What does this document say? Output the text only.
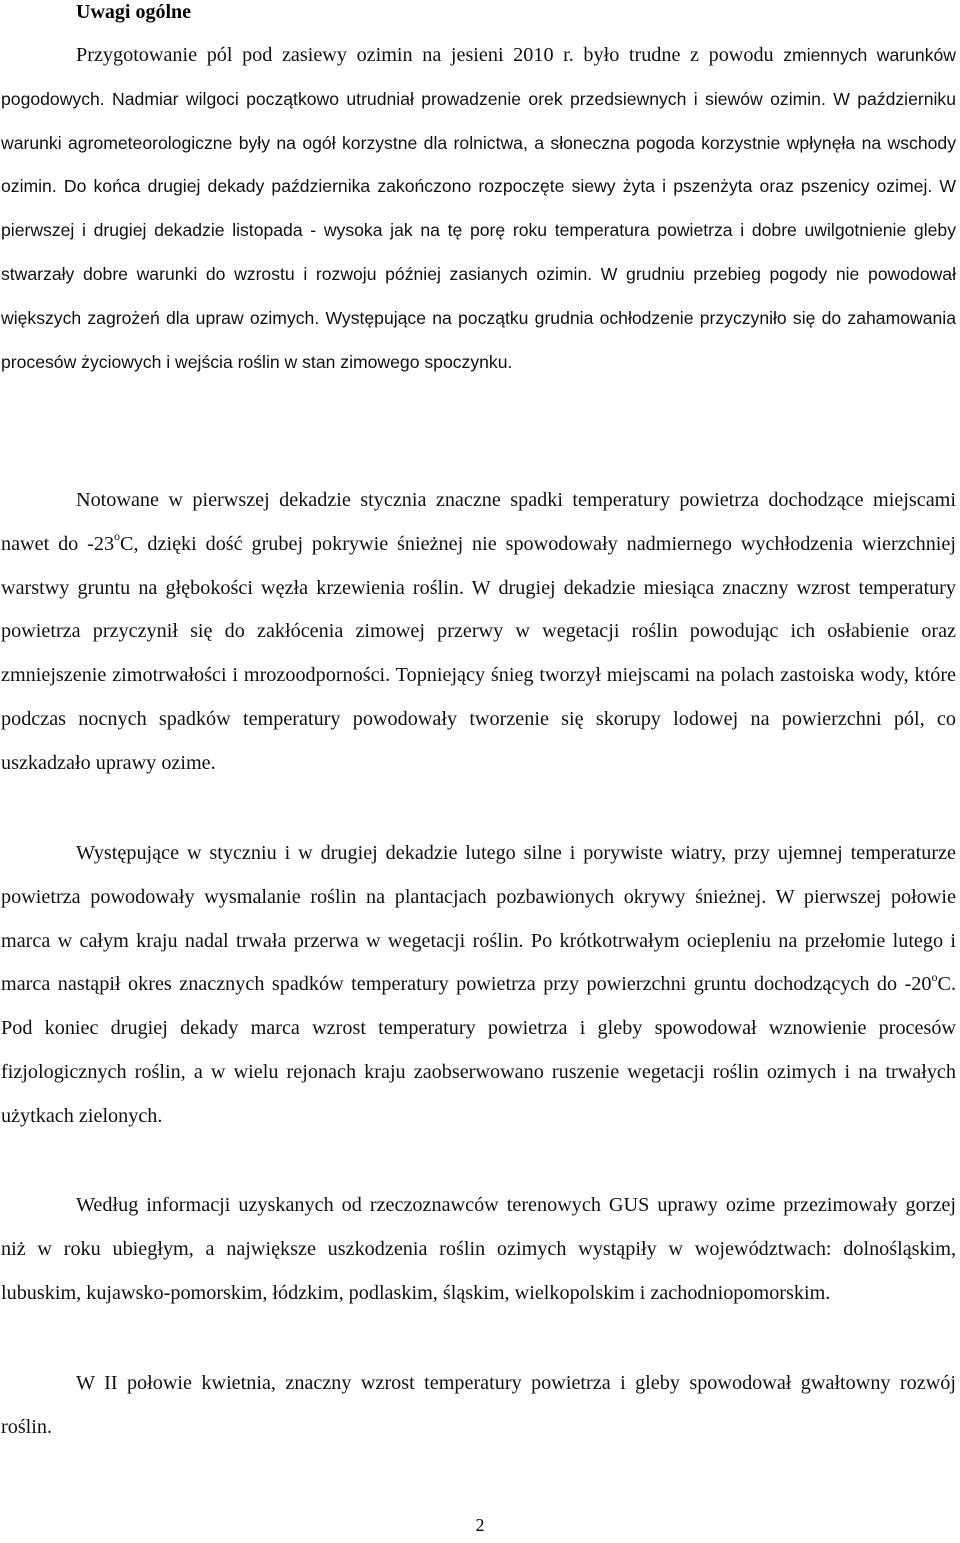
Uwagi ogólne

Przygotowanie pól pod zasiewy ozimin na jesieni 2010 r. było trudne z powodu zmiennych warunków pogodowych. Nadmiar wilgoci początkowo utrudniał prowadzenie orek przedsiewnych i siewów ozimin. W październiku warunki agrometeorologiczne były na ogół korzystne dla rolnictwa, a słoneczna pogoda korzystnie wpłynęła na wschody ozimin. Do końca drugiej dekady października zakończono rozpoczęte siewy żyta i pszenżyta oraz pszenicy ozimej. W pierwszej i drugiej dekadzie listopada - wysoka jak na tę porę roku temperatura powietrza i dobre uwilgotnienie gleby stwarzały dobre warunki do wzrostu i rozwoju później zasianych ozimin. W grudniu przebieg pogody nie powodował większych zagrożeń dla upraw ozimych. Występujące na początku grudnia ochłodzenie przyczyniło się do zahamowania procesów życiowych i wejścia roślin w stan zimowego spoczynku.

Notowane w pierwszej dekadzie stycznia znaczne spadki temperatury powietrza dochodzące miejscami nawet do -23$^o$C, dzięki dość grubej pokrywie śnieżnej nie spowodowały nadmiernego wychłodzenia wierzchniej warstwy gruntu na głębokości węzła krzewienia roślin. W drugiej dekadzie miesiąca znaczny wzrost temperatury powietrza przyczynił się do zakłócenia zimowej przerwy w wegetacji roślin powodując ich osłabienie oraz zmniejszenie zimotrwałości i mrozoodporności. Topniejący śnieg tworzył miejscami na polach zastoiska wody, które podczas nocnych spadków temperatury powodowały tworzenie się skorupy lodowej na powierzchni pól, co uszkadzało uprawy ozime.

Występujące w styczniu i w drugiej dekadzie lutego silne i porywiste wiatry, przy ujemnej temperaturze powietrza powodowały wysmalanie roślin na plantacjach pozbawionych okrywy śnieżnej. W pierwszej połowie marca w całym kraju nadal trwała przerwa w wegetacji roślin. Po krótkotrwałym ociepleniu na przełomie lutego i marca nastąpił okres znacznych spadków temperatury powietrza przy powierzchni gruntu dochodzących do -20$^o$C. Pod koniec drugiej dekady marca wzrost temperatury powietrza i gleby spowodował wznowienie procesów fizjologicznych roślin, a w wielu rejonach kraju zaobserwowano ruszenie wegetacji roślin ozimych i na trwałych użytkach zielonych.

Według informacji uzyskanych od rzeczoznawców terenowych GUS uprawy ozime przezimowały gorzej niż w roku ubiegłym, a największe uszkodzenia roślin ozimych wystąpiły w województwach: dolnośląskim, lubuskim, kujawsko-pomorskim, łódzkim, podlaskim, śląskim, wielkopolskim i zachodniopomorskim.

W II połowie kwietnia, znaczny wzrost temperatury powietrza i gleby spowodował gwałtowny rozwój roślin.

2
